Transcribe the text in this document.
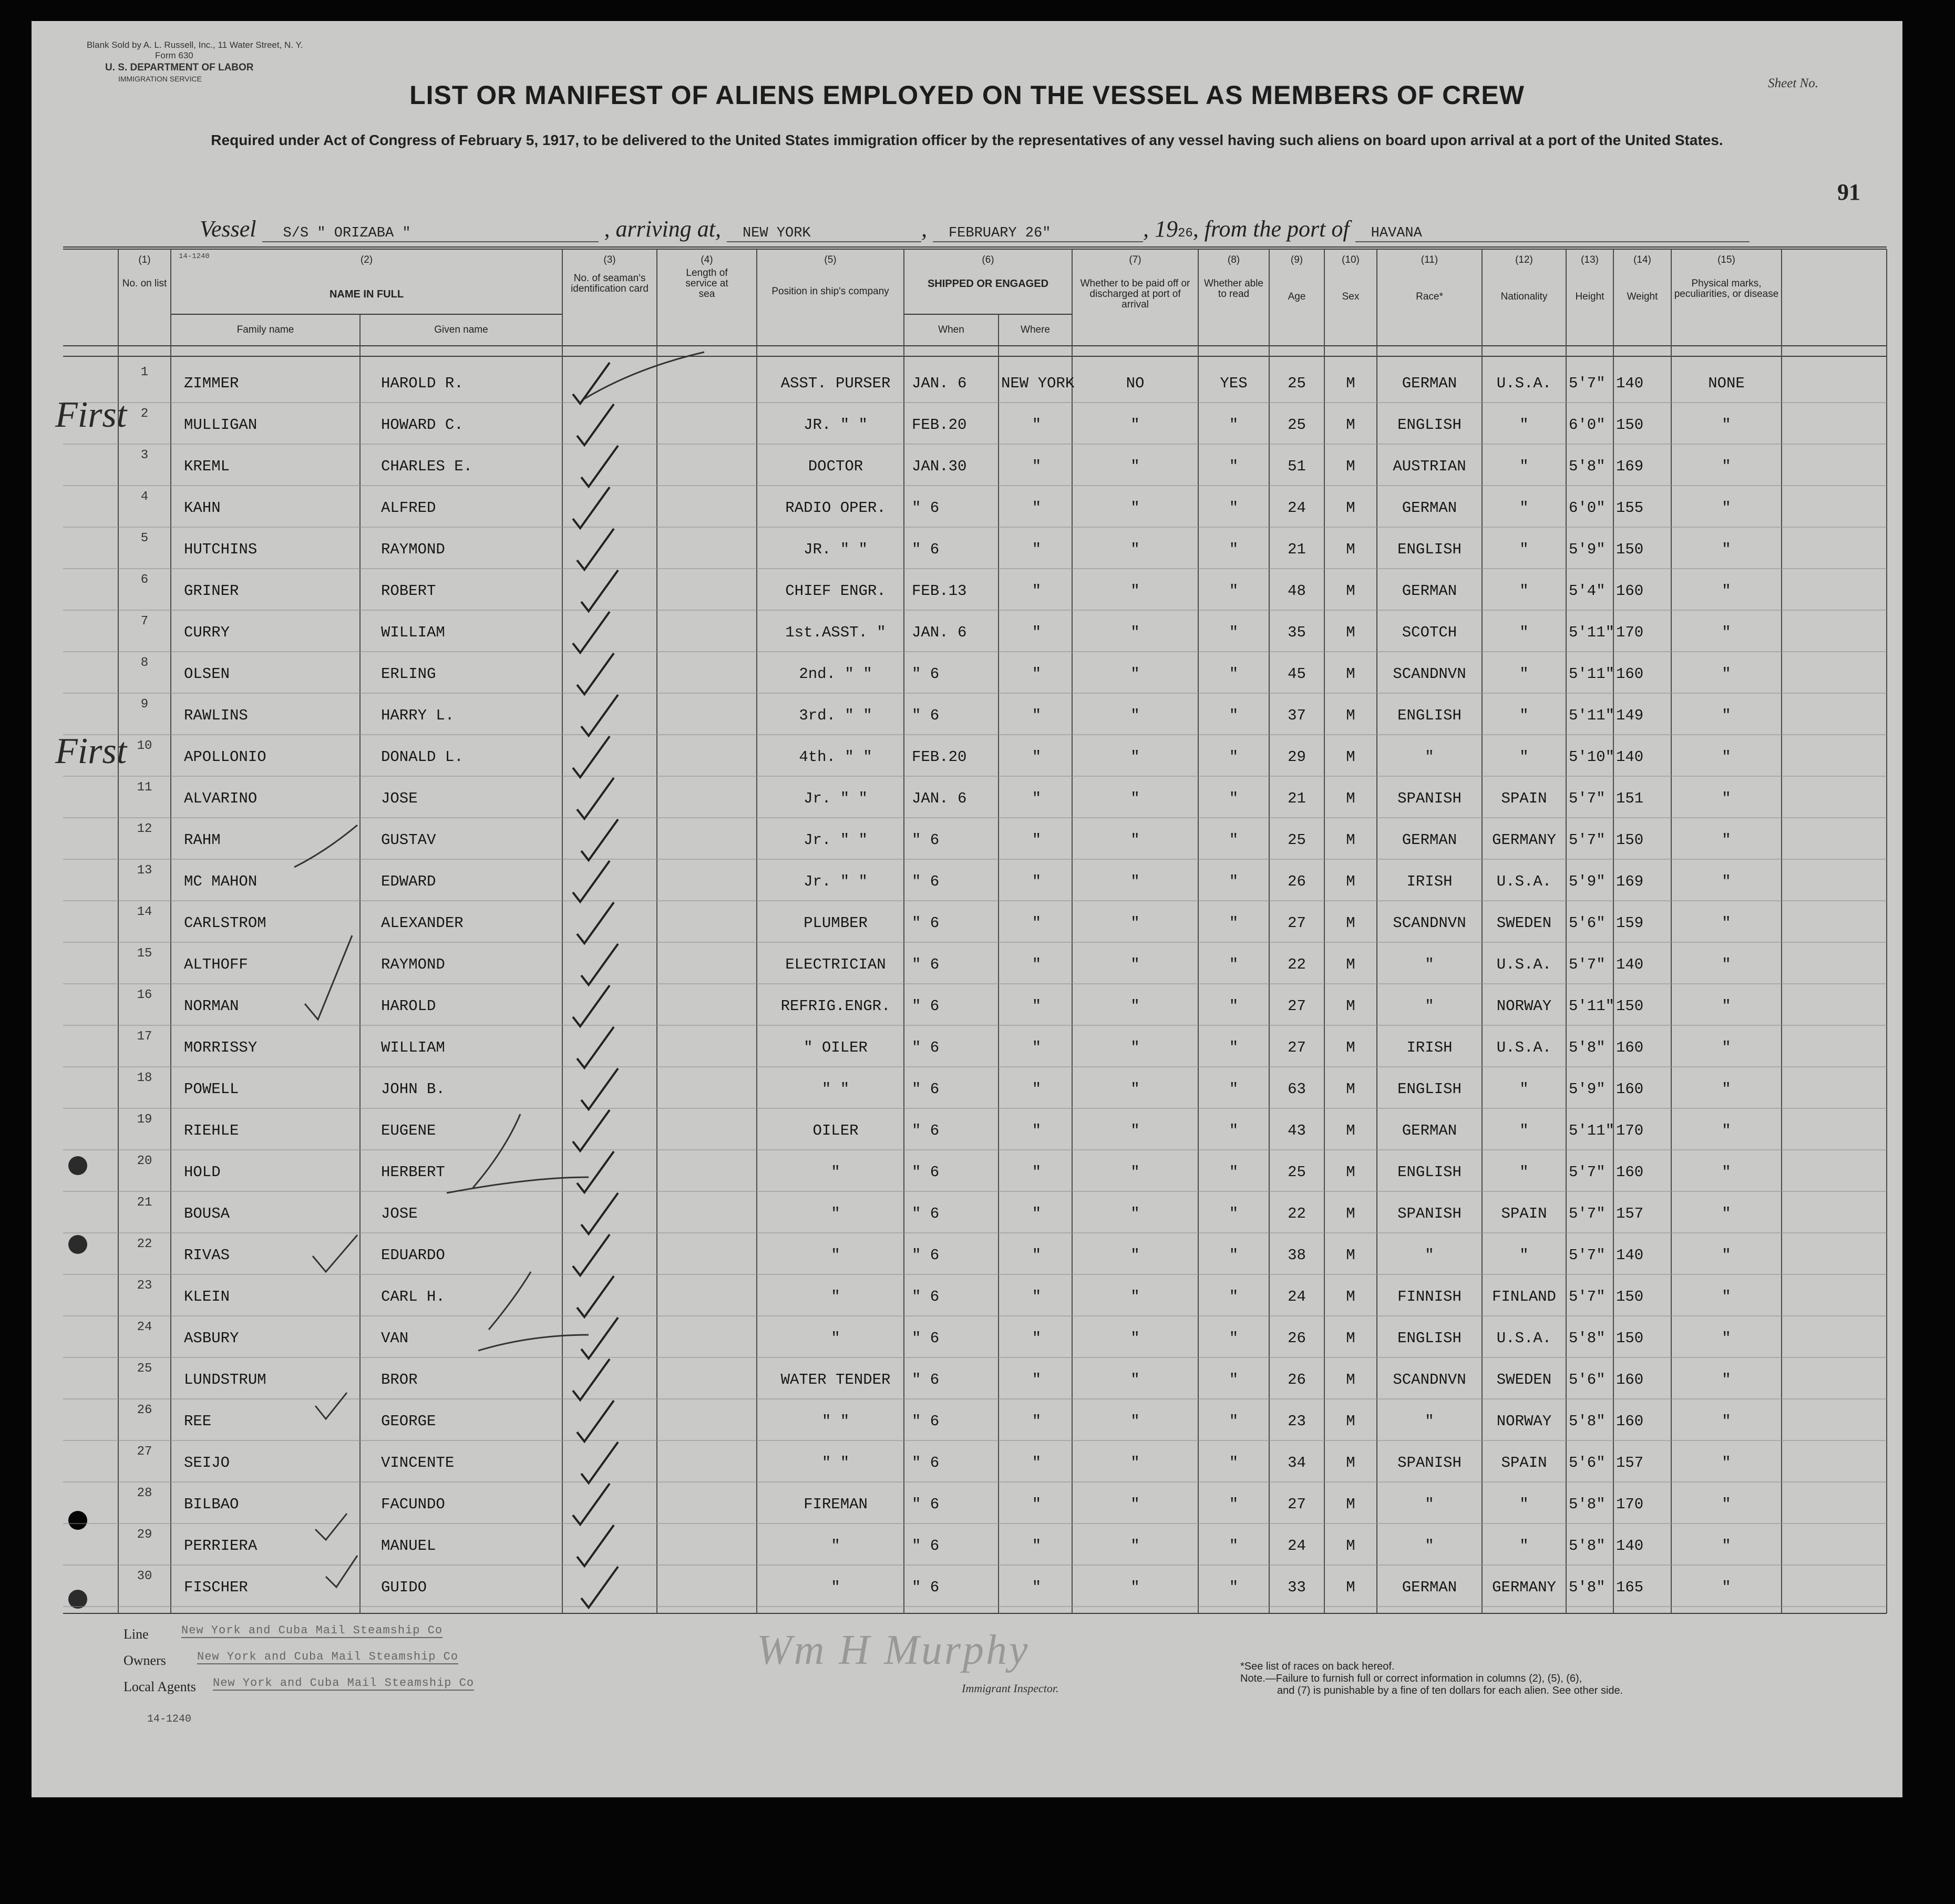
Blank Sold by A. L. Russell, Inc., 11 Water Street, N. Y.
Form 630
U. S. DEPARTMENT OF LABOR
IMMIGRATION SERVICE	Sheet No.
91
LIST OR MANIFEST OF ALIENS EMPLOYED ON THE VESSEL AS MEMBERS OF CREW
Required under Act of Congress of February 5, 1917, to be delivered to the United States immigration officer by the representatives of any vessel having such aliens on board upon arrival at a port of the United States.
Vessel S/S " ORIZABA "	, arriving at, NEW YORK	, FEBRUARY 26"	, 1926, from the port of HAVANA
14-1240
(1)
No. on list
(2)
NAME IN FULL
Family name	Given name
(3)
No. of seaman's identification card
(4)
Length of service at sea
(5)
Position in ship's company
(6)
SHIPPED OR ENGAGED
When	Where
(7)
Whether to be paid off or discharged at port of arrival
(8)
Whether able to read
(9)
Age
(10)
Sex
(11)
Race*
(12)
Nationality
(13)
Height
(14)
Weight
(15)
Physical marks, peculiarities, or disease
1
ZIMMER	HAROLD R.	ASST. PURSER	JAN. 6	NEW YORK	NO	YES	25	M	GERMAN	U.S.A.	5'7" 140	NONE
2
MULLIGAN	HOWARD C.	JR. " "	FEB.20	"	"	"	25	M	ENGLISH	"	6'0" 150	"
3
KREML	CHARLES E.	DOCTOR	JAN.30	"	"	"	51	M	AUSTRIAN	"	5'8" 169	"
4
KAHN	ALFRED	RADIO OPER.	" 6	"	"	"	24	M	GERMAN	"	6'0" 155	"
5
HUTCHINS	RAYMOND	JR. " "	" 6	"	"	"	21	M	ENGLISH	"	5'9" 150	"
6
GRINER	ROBERT	CHIEF ENGR.	FEB.13	"	"	"	48	M	GERMAN	"	5'4" 160	"
7
CURRY	WILLIAM	1st.ASST. "	JAN. 6	"	"	"	35	M	SCOTCH	"	5'11" 170	"
8
OLSEN	ERLING	2nd. " "	" 6	"	"	"	45	M	SCANDNVN	"	5'11" 160	"
9
RAWLINS	HARRY L.	3rd. " "	" 6	"	"	"	37	M	ENGLISH	"	5'11" 149	"
10
APOLLONIO	DONALD L.	4th. " "	FEB.20	"	"	"	29	M	"	"	5'10" 140	"
11
ALVARINO	JOSE	Jr. " "	JAN. 6	"	"	"	21	M	SPANISH	SPAIN	5'7" 151	"
12
RAHM	GUSTAV	Jr. " "	" 6	"	"	"	25	M	GERMAN	GERMANY 5'7" 150	"
13
MC MAHON	EDWARD	Jr. " "	" 6	"	"	"	26	M	IRISH	U.S.A.	5'9" 169	"
14
CARLSTROM	ALEXANDER	PLUMBER	" 6	"	"	"	27	M	SCANDNVN	SWEDEN	5'6" 159	"
15
ALTHOFF	RAYMOND	ELECTRICIAN	" 6	"	"	"	22	M	"	U.S.A.	5'7" 140	"
16
NORMAN	HAROLD	REFRIG.ENGR.	" 6	"	"	"	27	M	"	NORWAY	5'11" 150	"
17
MORRISSY	WILLIAM	" OILER	" 6	"	"	"	27	M	IRISH	U.S.A.	5'8" 160	"
18
POWELL	JOHN B.	" "	" 6	"	"	"	63	M	ENGLISH	"	5'9" 160	"
19
RIEHLE	EUGENE	OILER	" 6	"	"	"	43	M	GERMAN	"	5'11" 170	"
20
HOLD	HERBERT	"	" 6	"	"	"	25	M	ENGLISH	"	5'7" 160	"
21
BOUSA	JOSE	"	" 6	"	"	"	22	M	SPANISH	SPAIN	5'7" 157	"
22
RIVAS	EDUARDO	"	" 6	"	"	"	38	M	"	"	5'7" 140	"
23
KLEIN	CARL H.	"	" 6	"	"	"	24	M	FINNISH	FINLAND 5'7" 150	"
24
ASBURY	VAN	"	" 6	"	"	"	26	M	ENGLISH	U.S.A.	5'8" 150	"
25
LUNDSTRUM	BROR	WATER TENDER	" 6	"	"	"	26	M	SCANDNVN	SWEDEN	5'6" 160	"
26
REE	GEORGE	" "	" 6	"	"	"	23	M	"	NORWAY	5'8" 160	"
27
SEIJO	VINCENTE	" "	" 6	"	"	"	34	M	SPANISH	SPAIN	5'6" 157	"
28
BILBAO	FACUNDO	FIREMAN	" 6	"	"	"	27	M	"	"	5'8" 170	"
29
PERRIERA	MANUEL	"	" 6	"	"	"	24	M	"	"	5'8" 140	"
30
FISCHER	GUIDO	"	" 6	"	"	"	33	M	GERMAN	GERMANY 5'8" 165	"
First
First
Line	New York and Cuba Mail Steamship Co
Owners	New York and Cuba Mail Steamship Co
Local Agents New York and Cuba Mail Steamship Co
14-1240
Wm H Murphy
Immigrant Inspector.
*See list of races on back hereof.
Note.—Failure to furnish full or correct information in columns (2), (5), (6),
and (7) is punishable by a fine of ten dollars for each alien. See other side.
S.I.
